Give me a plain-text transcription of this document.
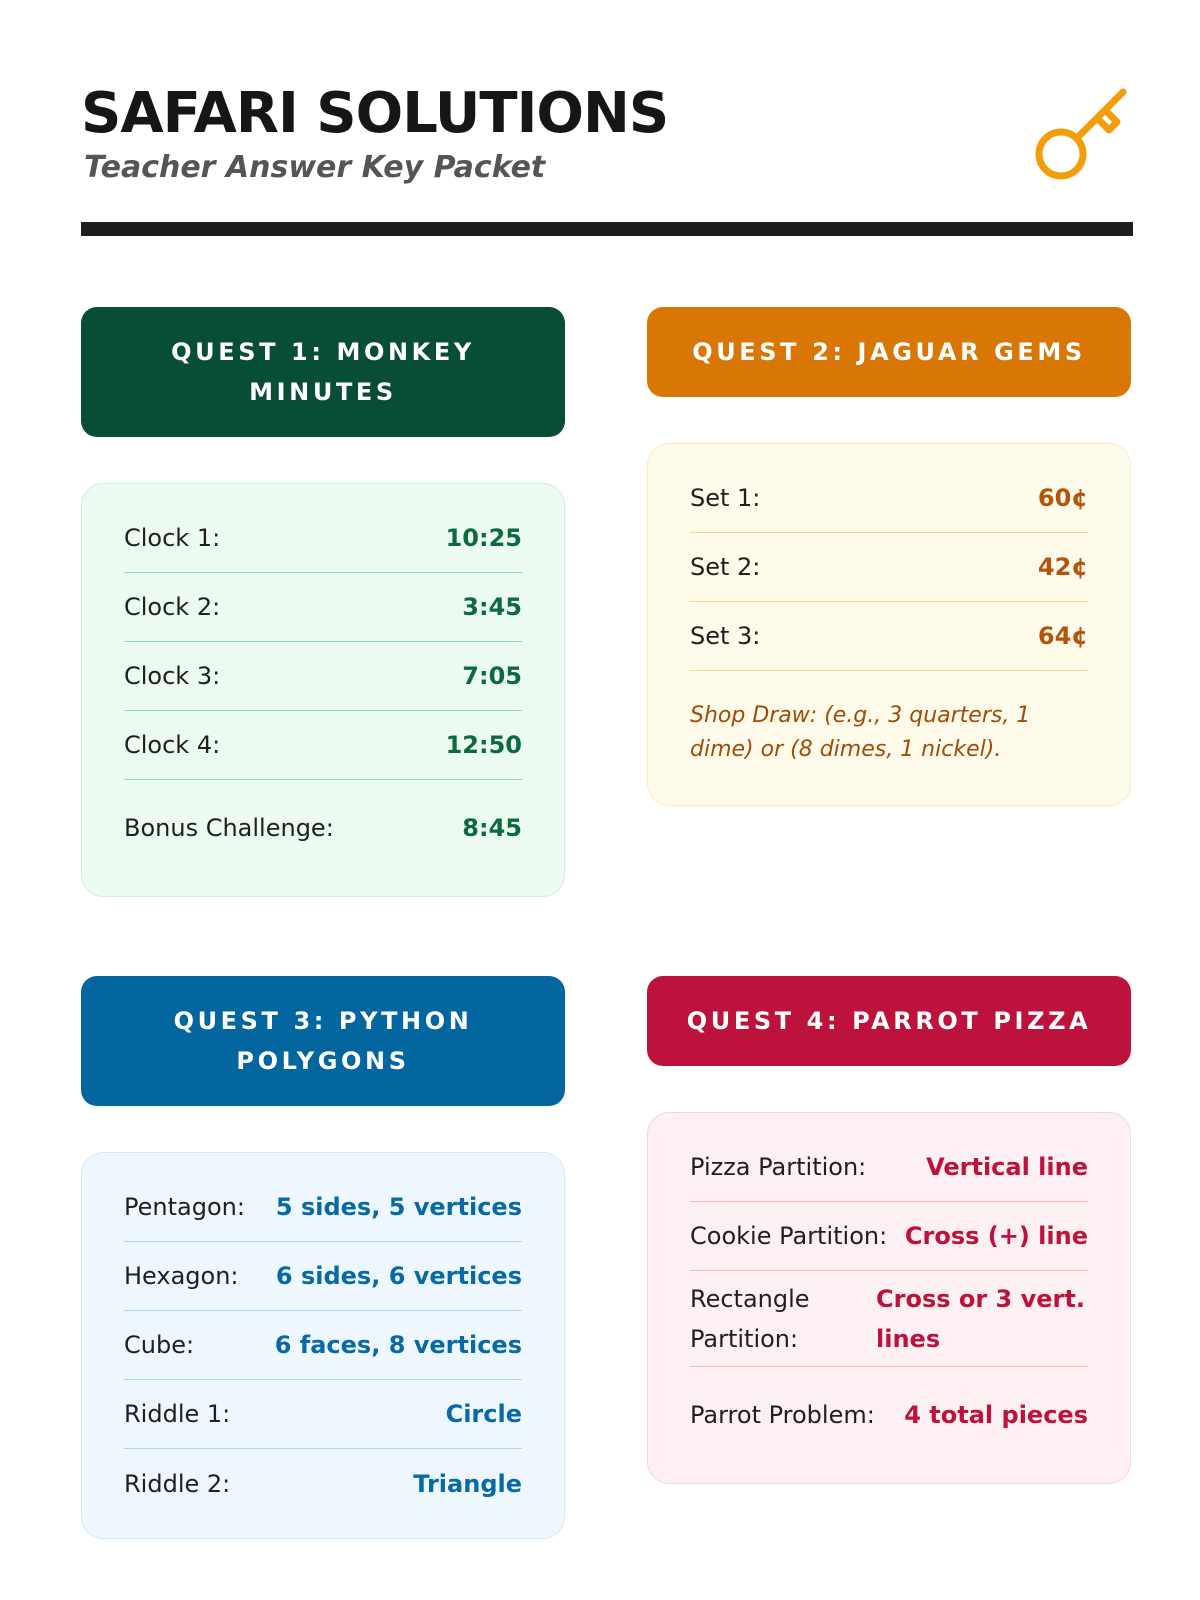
SAFARI SOLUTIONS
Teacher Answer Key Packet
QUEST 1: MONKEY MINUTES
Clock 1:	10:25
Clock 2:	3:45
Clock 3:	7:05
Clock 4:	12:50
Bonus Challenge:	8:45
QUEST 2: JAGUAR GEMS
Set 1:	60¢
Set 2:	42¢
Set 3:	64¢
Shop Draw: (e.g., 3 quarters, 1 dime) or (8 dimes, 1 nickel).
QUEST 3: PYTHON POLYGONS
Pentagon: 5 sides, 5 vertices
Hexagon: 6 sides, 6 vertices
Cube:	6 faces, 8 vertices
Riddle 1:	Circle
Riddle 2:	Triangle
QUEST 4: PARROT PIZZA
Pizza Partition: Vertical line
Cookie Partition: Cross (+) line
Rectangle Partition:
Cross or 3 vert. lines
Parrot Problem: 4 total pieces
